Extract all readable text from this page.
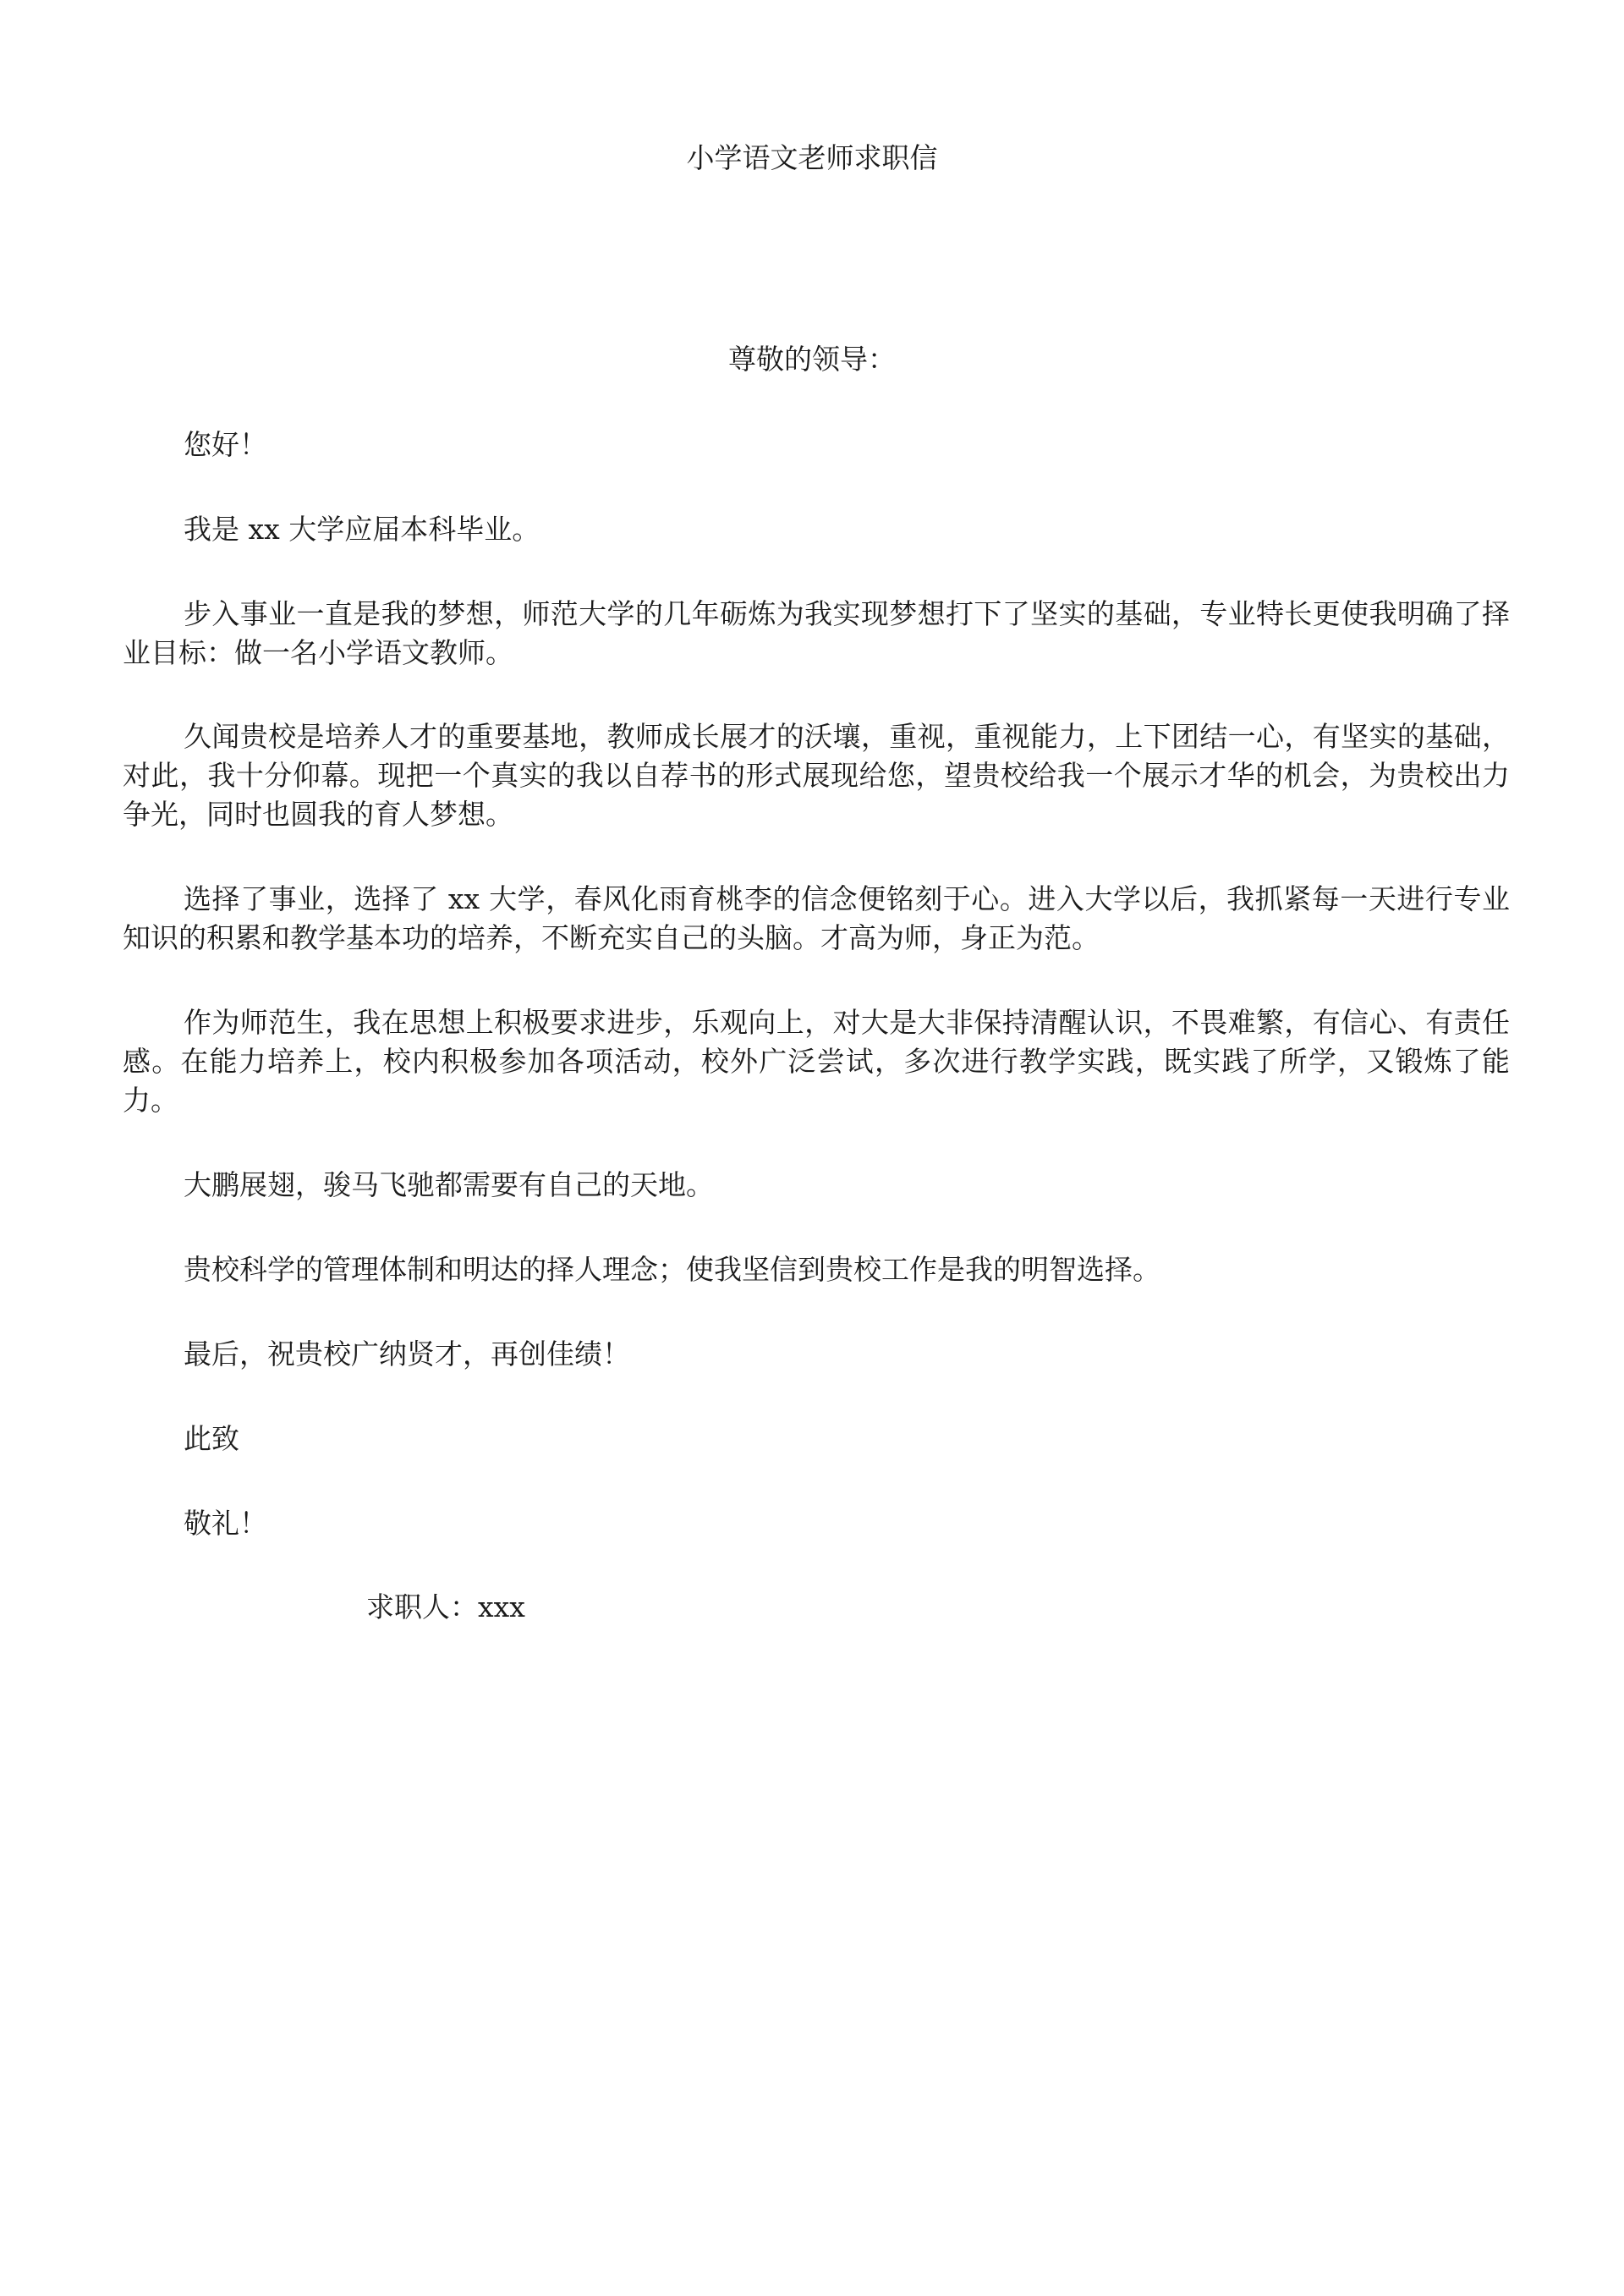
小学语文老师求职信
尊敬的领导：

您好！

我是 xx 大学应届本科毕业。

步入事业一直是我的梦想，师范大学的几年砺炼为我实现梦想打下了坚实的基础，专业特长更使我明确了择业目标：做一名小学语文教师。

久闻贵校是培养人才的重要基地，教师成长展才的沃壤，重视，重视能力，上下团结一心，有坚实的基础，对此，我十分仰幕。现把一个真实的我以自荐书的形式展现给您，望贵校给我一个展示才华的机会，为贵校出力争光，同时也圆我的育人梦想。

选择了事业，选择了 xx 大学，春风化雨育桃李的信念便铭刻于心。进入大学以后，我抓紧每一天进行专业知识的积累和教学基本功的培养，不断充实自己的头脑。才高为师，身正为范。

作为师范生，我在思想上积极要求进步，乐观向上，对大是大非保持清醒认识，不畏难繁，有信心、有责任感。在能力培养上，校内积极参加各项活动，校外广泛尝试，多次进行教学实践，既实践了所学，又锻炼了能力。

大鹏展翅，骏马飞驰都需要有自己的天地。

贵校科学的管理体制和明达的择人理念；使我坚信到贵校工作是我的明智选择。

最后，祝贵校广纳贤才，再创佳绩！

此致

敬礼！

求职人：xxx
